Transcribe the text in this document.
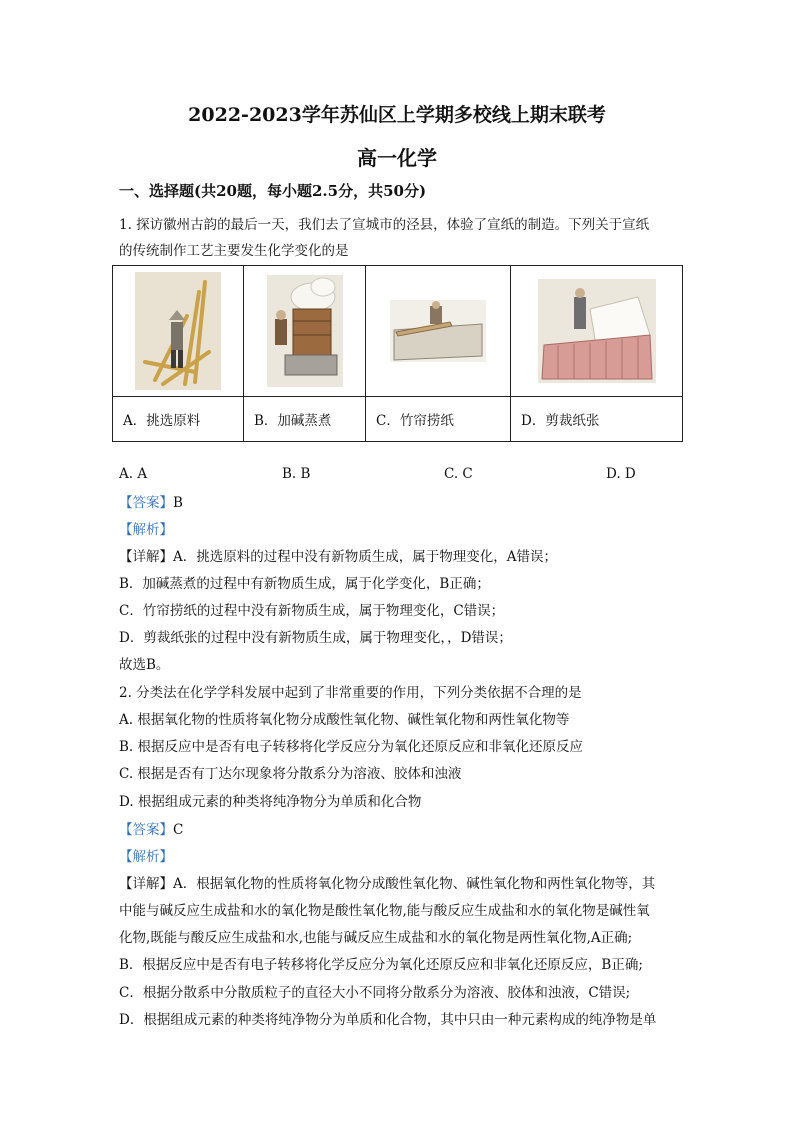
2022-2023学年苏仙区上学期多校线上期末联考
高一化学
一、选择题(共20题，每小题2.5分，共50分)
1. 探访徽州古韵的最后一天，我们去了宣城市的泾县，体验了宣纸的制造。下列关于宣纸
的传统制作工艺主要发生化学变化的是

A．挑选原料	B．加碱蒸煮	C．竹帘捞纸	D．剪裁纸张
A. A	B. B	C. C	D. D
【答案】B
【解析】
【详解】A．挑选原料的过程中没有新物质生成，属于物理变化，A错误；
B．加碱蒸煮的过程中有新物质生成，属于化学变化，B正确；
C．竹帘捞纸的过程中没有新物质生成，属于物理变化，C错误；
D．剪裁纸张的过程中没有新物质生成，属于物理变化，，D错误；
故选B。
2. 分类法在化学学科发展中起到了非常重要的作用，下列分类依据不合理的是
A. 根据氧化物的性质将氧化物分成酸性氧化物、碱性氧化物和两性氧化物等
B. 根据反应中是否有电子转移将化学反应分为氧化还原反应和非氧化还原反应
C. 根据是否有丁达尔现象将分散系分为溶液、胶体和浊液
D. 根据组成元素的种类将纯净物分为单质和化合物
【答案】C
【解析】
【详解】A．根据氧化物的性质将氧化物分成酸性氧化物、碱性氧化物和两性氧化物等，其
中能与碱反应生成盐和水的氧化物是酸性氧化物,能与酸反应生成盐和水的氧化物是碱性氧
化物,既能与酸反应生成盐和水,也能与碱反应生成盐和水的氧化物是两性氧化物,A正确;
B．根据反应中是否有电子转移将化学反应分为氧化还原反应和非氧化还原反应，B正确;
C．根据分散系中分散质粒子的直径大小不同将分散系分为溶液、胶体和浊液，C错误;
D．根据组成元素的种类将纯净物分为单质和化合物，其中只由一种元素构成的纯净物是单
